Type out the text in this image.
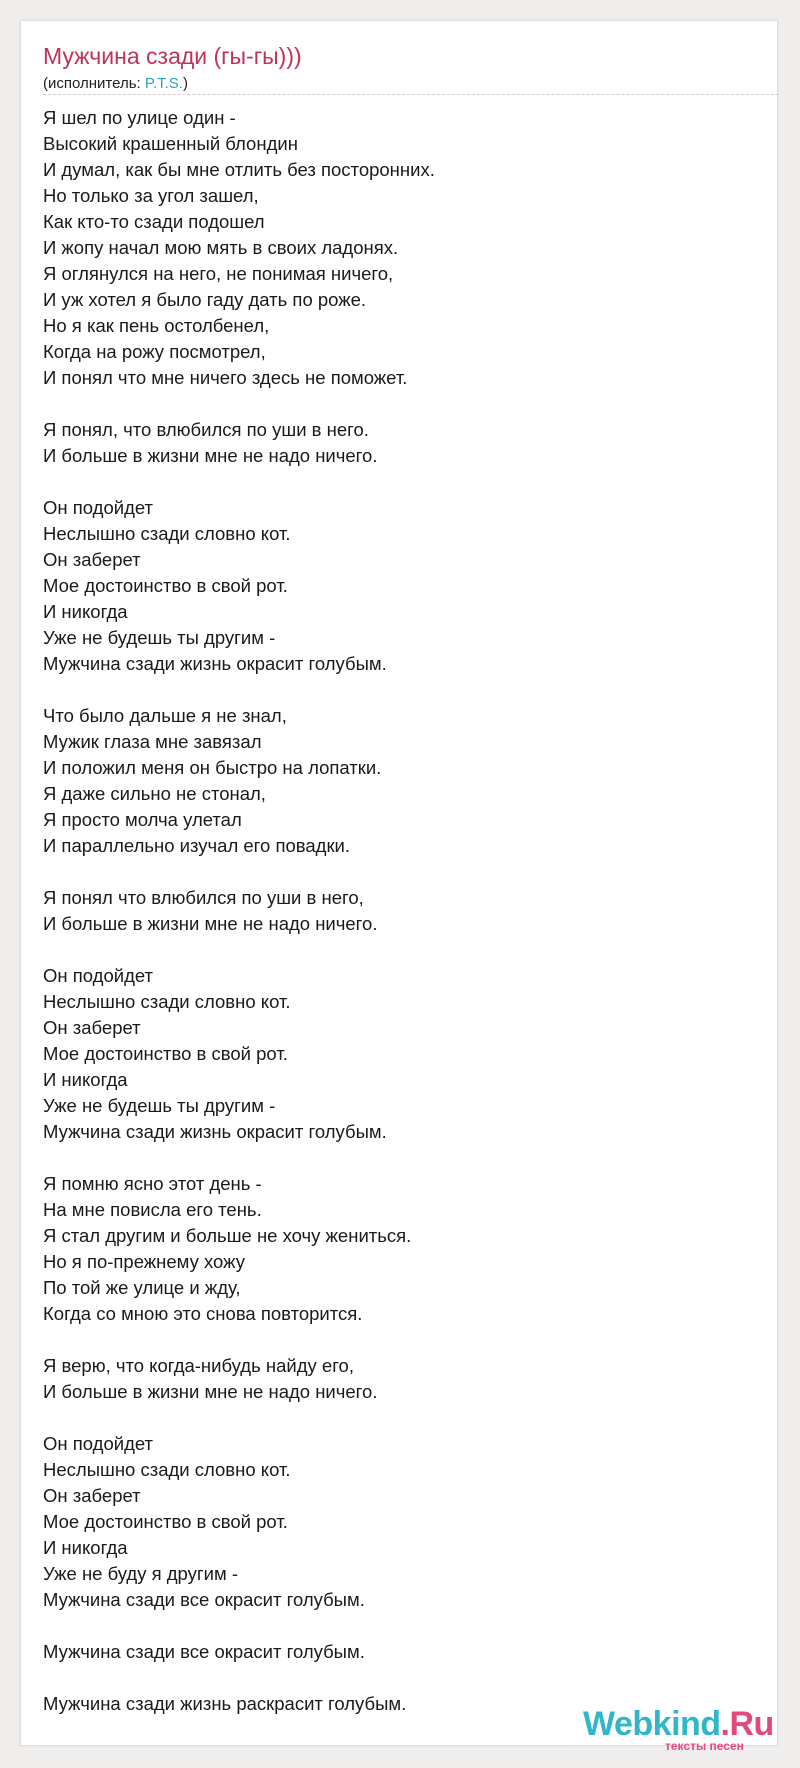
Мужчина сзади (гы-гы)))
(исполнитель: P.T.S.)
Я шел по улице один -
Высокий крашенный блондин
И думал, как бы мне отлить без посторонних.
Но только за угол зашел,
Как кто-то сзади подошел
И жопу начал мою мять в своих ладонях.
Я оглянулся на него, не понимая ничего,
И уж хотел я было гаду дать по роже.
Но я как пень остолбенел,
Когда на рожу посмотрел,
И понял что мне ничего здесь не поможет.
Я понял, что влюбился по уши в него.
И больше в жизни мне не надо ничего.
Он подойдет
Неслышно сзади словно кот.
Он заберет
Мое достоинство в свой рот.
И никогда
Уже не будешь ты другим -
Мужчина сзади жизнь окрасит голубым.
Что было дальше я не знал,
Мужик глаза мне завязал
И положил меня он быстро на лопатки.
Я даже сильно не стонал,
Я просто молча улетал
И параллельно изучал его повадки.
Я понял что влюбился по уши в него,
И больше в жизни мне не надо ничего.
Он подойдет
Неслышно сзади словно кот.
Он заберет
Мое достоинство в свой рот.
И никогда
Уже не будешь ты другим -
Мужчина сзади жизнь окрасит голубым.
Я помню ясно этот день -
На мне повисла его тень.
Я стал другим и больше не хочу жениться.
Но я по-прежнему хожу
По той же улице и жду,
Когда со мною это снова повторится.
Я верю, что когда-нибудь найду его,
И больше в жизни мне не надо ничего.
Он подойдет
Неслышно сзади словно кот.
Он заберет
Мое достоинство в свой рот.
И никогда
Уже не буду я другим -
Мужчина сзади все окрасит голубым.
Мужчина сзади все окрасит голубым.
Мужчина сзади жизнь раскрасит голубым.
Webkind.Ru
тексты песен
